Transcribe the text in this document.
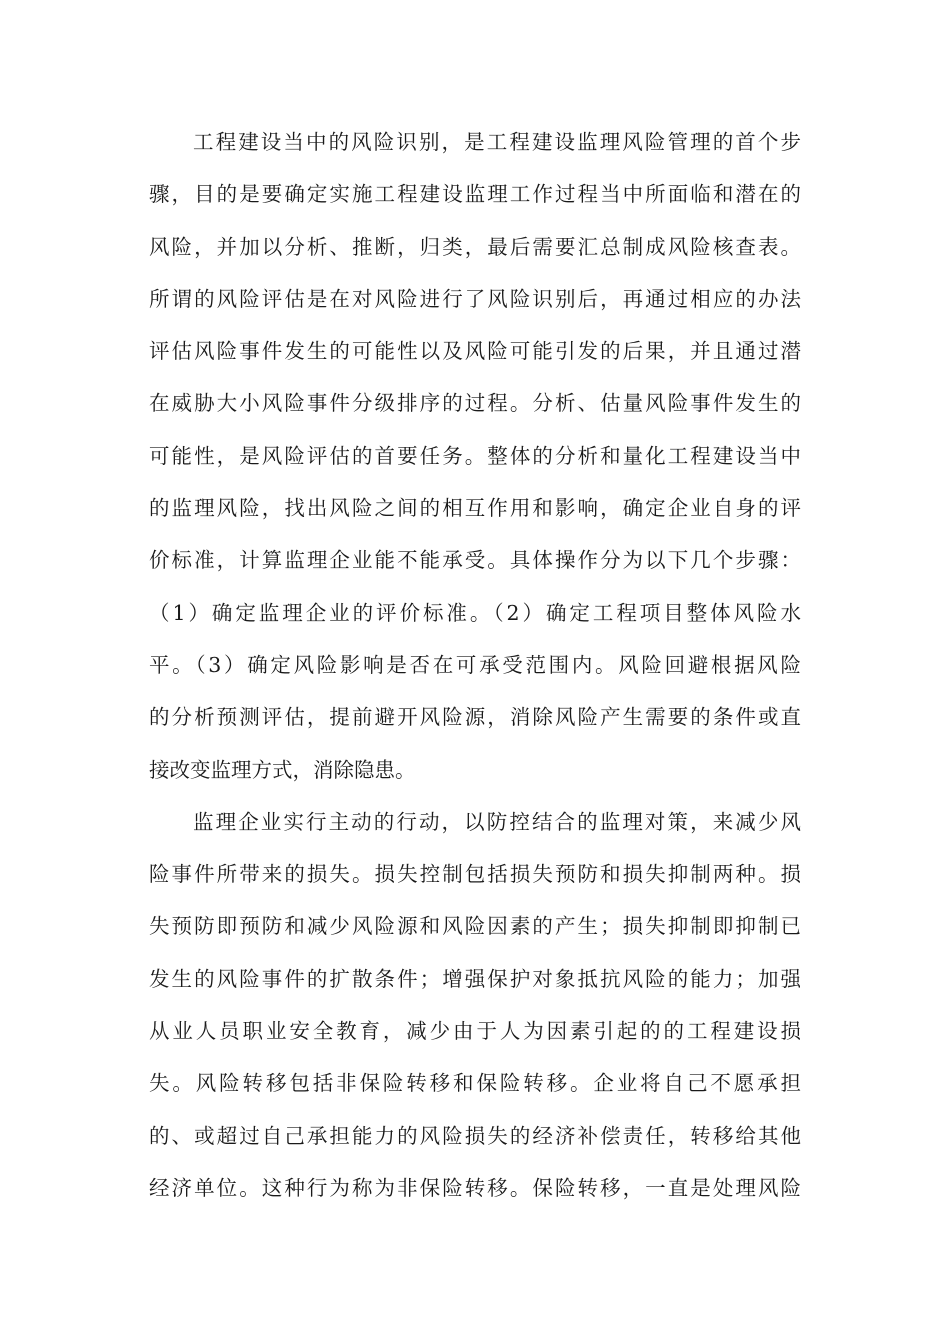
工程建设当中的风险识别，是工程建设监理风险管理的首个步
骤，目的是要确定实施工程建设监理工作过程当中所面临和潜在的
风险，并加以分析、推断，归类，最后需要汇总制成风险核查表。
所谓的风险评估是在对风险进行了风险识别后，再通过相应的办法
评估风险事件发生的可能性以及风险可能引发的后果，并且通过潜
在威胁大小风险事件分级排序的过程。分析、估量风险事件发生的
可能性，是风险评估的首要任务。整体的分析和量化工程建设当中
的监理风险，找出风险之间的相互作用和影响，确定企业自身的评
价标准，计算监理企业能不能承受。具体操作分为以下几个步骤：
（1）确定监理企业的评价标准。（2）确定工程项目整体风险水
平。（3）确定风险影响是否在可承受范围内。风险回避根据风险
的分析预测评估，提前避开风险源，消除风险产生需要的条件或直
接改变监理方式，消除隐患。
监理企业实行主动的行动，以防控结合的监理对策，来减少风
险事件所带来的损失。损失控制包括损失预防和损失抑制两种。损
失预防即预防和减少风险源和风险因素的产生；损失抑制即抑制已
发生的风险事件的扩散条件；增强保护对象抵抗风险的能力；加强
从业人员职业安全教育，减少由于人为因素引起的的工程建设损
失。风险转移包括非保险转移和保险转移。企业将自己不愿承担
的、或超过自己承担能力的风险损失的经济补偿责任，转移给其他
经济单位。这种行为称为非保险转移。保险转移，一直是处理风险
